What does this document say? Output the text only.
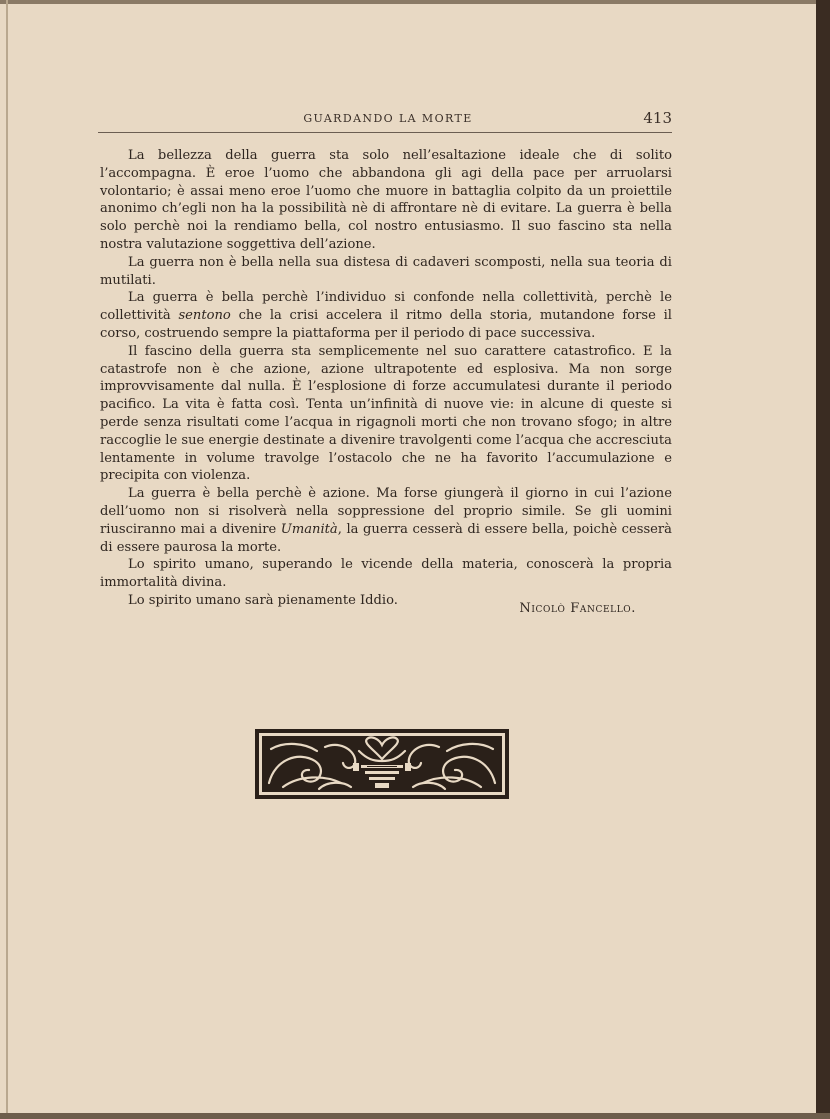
GUARDANDO LA MORTE	413

La bellezza della guerra sta solo nell’esaltazione ideale che di solito l’accompagna. È eroe l’uomo che abbandona gli agi della pace per arruolarsi volontario; è assai meno eroe l’uomo che muore in battaglia colpito da un proiettile anonimo ch’egli non ha la possibilità nè di affrontare nè di evitare. La guerra è bella solo perchè noi la rendiamo bella, col nostro entusiasmo. Il suo fascino sta nella nostra valutazione soggettiva dell’azione.

La guerra non è bella nella sua distesa di cadaveri scomposti, nella sua teoria di mutilati.

La guerra è bella perchè l’individuo si confonde nella collettività, perchè le collettività sentono che la crisi accelera il ritmo della storia, mutandone forse il corso, costruendo sempre la piattaforma per il periodo di pace successiva.

Il fascino della guerra sta semplicemente nel suo carattere catastrofico. E la catastrofe non è che azione, azione ultrapotente ed esplosiva. Ma non sorge improvvisamente dal nulla. È l’esplosione di forze accumulatesi durante il periodo pacifico. La vita è fatta così. Tenta un’infinità di nuove vie: in alcune di queste si perde senza risultati come l’acqua in rigagnoli morti che non trovano sfogo; in altre raccoglie le sue energie destinate a divenire travolgenti come l’acqua che accresciuta lentamente in volume travolge l’ostacolo che ne ha favorito l’accumulazione e precipita con violenza.

La guerra è bella perchè è azione. Ma forse giungerà il giorno in cui l’azione dell’uomo non si risolverà nella soppressione del proprio simile. Se gli uomini riusciranno mai a divenire Umanità, la guerra cesserà di essere bella, poichè cesserà di essere paurosa la morte.

Lo spirito umano, superando le vicende della materia, conoscerà la propria immortalità divina.

Lo spirito umano sarà pienamente Iddio.

Nicolò Fancello.
